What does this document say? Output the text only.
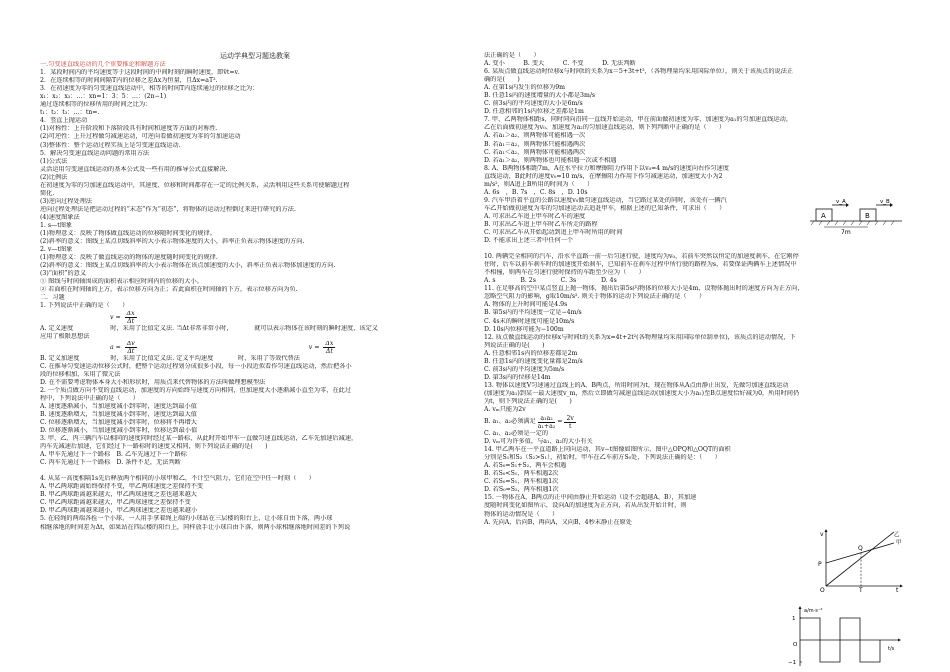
运动学典型习题选教案
一.匀变速直线运动的几个重要推论和解题方法
1．某段时间内的平均速度等于这段时间的中间时刻的瞬时速度，即v̄t=v.
2．在连续相等的时间间隔T内的位移之差Δx为恒量，且Δx=aT².
3．在初速度为零的匀变速直线运动中，相等的时间T内连续通过的位移之比为：
x₁：x₂：x₃：…：xn=1：3：5：…：(2n−1)
通过连续相等的位移所用的时间之比为：
t₁：t₂：t₃：…：tn=.
4．竖直上抛运动
(1)对称性：上升阶段和下落阶段具有时间和速度等方面的对称性.
(2)可逆性：上升过程做匀减速运动，可逆向看做初速度为零的匀加速运动
(3)整体性：整个运动过程实质上是匀变速直线运动.
5．解决匀变速直线运动问题的常用方法
(1)公式法
灵活运用匀变速直线运动的基本公式及一些有用的推导公式直接解决.
(2)比例法
在初速度为零的匀加速直线运动中，其速度、位移和时间都存在一定的比例关系，灵活利用这些关系可使解题过程
简化.
(3)逆向过程处理法
逆向过程处理法是把运动过程的“末态”作为“初态”，将物体的运动过程倒过来进行研究的方法.
(4)速度图象法
1. s—t图象
(1)物理意义：反映了物体做直线运动的位移随时间变化的规律。
(2)斜率的意义：图线上某点切线斜率的大小表示物体速度的大小，斜率正负表示物体速度的方向.
2. v—t图象
(1)物理意义：反映了做直线运动的物体的速度随时间变化的规律.
(2)斜率的意义：图线上某点切线斜率的大小表示物体在该点加速度的大小，斜率正负表示物体加速度的方向.
(3)“面积”的意义
① 图线与时间轴围成的面积表示相应时间内的位移的大小。
② 若面积在时间轴的上方，表示位移方向为正；若此面积在时间轴的下方，表示位移方向为负.
二．习题
1. 下列说法中正确的是（　　）
$v = \frac{\Delta x}{\Delta t}$
A. 定义速度　　　　　　时，采用了比值定义法. 当Δt非常非常小时，　　　　就可以表示物体在该时刻的瞬时速度，该定义
应用了极限思想法
$a = \frac{\Delta v}{\Delta t}$	$v = \frac{\Delta x}{\Delta t}$
B. 定义加速度　　　　　时，采用了比值定义法. 定义平均速度　　　　时，采用了等效代替法
C. 在推导匀变速运动位移公式时，把整个运动过程划分成很多小段，每一小段近似看作匀速直线运动，然后把各小
段的位移相加，采用了微元法
D. 在不需要考虑物体本身大小和形状时，用质点来代替物体的方法叫做理想模型法
2. 一个质点做方向不变的直线运动，加速度的方向始终与速度方向相同，但加速度大小逐渐减小直至为零，在此过
程中，下列说法中正确的是（　　）
A. 速度逐渐减小，当加速度减小到零时，速度达到最小值
B. 速度逐渐增大，当加速度减小到零时，速度达到最大值
C. 位移逐渐增大，当加速度减小到零时，位移将不再增大
D. 位移逐渐减小，当加速度减小到零时，位移达到最小值
3. 甲、乙、丙三辆汽车以相同的速度同时经过某一路标，从此时开始甲车一直做匀速直线运动，乙车先加速后减速，
丙车先减速后加速，它们经过下一路标时的速度又相同，则下列说法正确的是(　　)
A. 甲车先通过下一个路标　B. 乙车先通过下一个路标
C. 丙车先通过下一个路标　D. 条件不足，无法判断
4. 从某一高度相隔1s先后释放两个相同的小球甲和乙，不计空气阻力，它们在空中任一时刻（　　）
A. 甲乙两球距离始终保持不变，甲乙两球速度之差保持不变
B. 甲乙两球距离越来越大，甲乙两球速度之差也越来越大
C. 甲乙两球距离越来越大，甲乙两球速度之差保持不变
D. 甲乙两球距离越来越小，甲乙两球速度之差也越来越小
5. 在轻绳的两端各拴一个小球，一人用手拿着绳上端的小球站在三层楼的阳台上，让小球自由下落，两小球
相继落地的时间差为Δt，如果站在四层楼的阳台上，同样放手让小球自由下落，则两小球相继落地时间差的下列说
法正确的是（　　）
A. 变小　　　B. 变大　　　C. 不变　　　D. 无法判断
6. 某质点做直线运动时位移x与时间t的关系为x＝5+3t+t²，（各物理量均采用国际单位），则关于该质点的说法正
确的是(　　)
A. 在第1s内发生的位移为9m
B. 任意1s内的速度增量的大小都是3m/s
C. 前3s内的平均速度的大小是6m/s
D. 任意相邻的1s内位移之差都是1m
7. 甲、乙两物体相距s，同时同向沿同一直线开始运动，甲在前面做初速度为零、加速度为a₁的匀加速直线运动，
乙在后面做初速度为v₀、加速度为a₂的匀加速直线运动，则下列判断中正确的是（　　）
A. 若a₁＞a₂，则两物体可能相遇一次
B. 若a₁＝a₂，则两物体只能相遇两次
C. 若a₁＜a₂，则两物体可能相遇两次
D. 若a₁＞a₂，则两物体也可能相遇一次或不相遇
8. A、B两物体相距7m，A在水平拉力和摩擦阻力作用下以v₀=4 m/s的速度向右作匀速度
直线运动，B此时的速度v₀=10 m/s，在摩擦阻力作用下作匀减速运动，加速度大小为2
m/s²，则A追上B所用的时间为（　　）
A. 6s　，B. 7s　，C. 8s　，D. 10s
9. 汽车甲沿着平直的公路以速度v₀做匀速直线运动，当它路过某处的同时，该处有一辆汽
车乙开始做初速度为零的匀加速运动去追赶甲车，根据上述的已知条件，可求出（　　）
A. 可求出乙车追上甲车时乙车的速度
B. 可求出乙车追上甲车时乙车所走的路程
C. 可求出乙车从开始起动到追上甲车时所用的时间
D. 不能求出上述三者中任何一个
10. 两辆完全相同的汽车，沿水平直路一前一后匀速行驶，速度均为v₀，若前车突然以恒定的加速度刹车，在它刚停
住时，后车以前车刹车时的加速度开始刹车，已知前车在刹车过程中所行驶的路程为s，若要保证两辆车上述情况中
不相撞，则两车在匀速行驶时保持的车距至少应为（　　）
A. s　　　　B. 2s　　　　C. 3s　　　　D. 4s
11. 在足够高的空中某点竖直上抛一物体，抛出后第5s内物体的位移大小是4m，设物体抛出时的速度方向为正方向，
忽略空气阻力的影响，g取10m/s². 则关于物体的运动下列说法正确的是（　　）
A. 物体的上升时间可能是4.9s
B. 第5s内的平均速度一定是−4m/s
C. 4s末的瞬时速度可能是10m/s
D. 10s内位移可能为−100m
12. 质点做直线运动的位移x与时间t的关系为x=4t+2t²(各物理量均采用国际单位制单位)，该质点的运动情况，下
列说法正确的是(　　)
A. 任意相邻1s内的位移差都是2m
B. 任意1s内的速度变化量都是2m/s
C. 前3s内的平均速度为5m/s
D. 第3s内的位移是14m
13. 物体以速度V匀速通过直线上的A、B两点，所用时间为t，现在物体从A点由静止出发，先做匀加速直线运动
(加速度为a₁)到某一最大速度v_m，然后立即做匀减速直线运动(加速度大小为a₂)至B点速度恰好减为0，所用时间仍
为t，则下列说法正确的是(　　)
A. vₘ只能为2v
B. a₁、a₂必须满足 $\frac{\text{a₁a₂}}{\text{a₁+a₂}} = \frac{2v}{t}$
C. a₁、a₂必须是一定的
D. vₘ可为许多值，与a₁、a₂的大小有关
14. 甲乙两车在一平直道路上同向运动，其v−t图像如图所示，图中△OPQ和△OQT的面积
分别是S₁和S₂（S₂>S₁），初始时，甲车在乙车前方S₀处，下列说法正确的是：（　　）
A. 若S₀=S₁+S₂，两车会相遇
B. 若S₀<S₁，两车相遇2次
C. 若S₀=S₁，两车相遇1次
D. 若S₀=S₂，两车相遇1次
15. 一物体在A、B两点的正中间由静止开始运动（设不会超越A、B），其加速
度随时间变化如图所示，设向A的加速度为正方向，若从出发开始计时，则
物体的运动情况是（　　）
A. 先向A，后向B，再向A，又向B，4秒末静止在原处
A	B
v_A	v_B
7m
v
t
O
P
Q
T
甲
乙
a/m·s⁻²
t/s
1
−1
O
